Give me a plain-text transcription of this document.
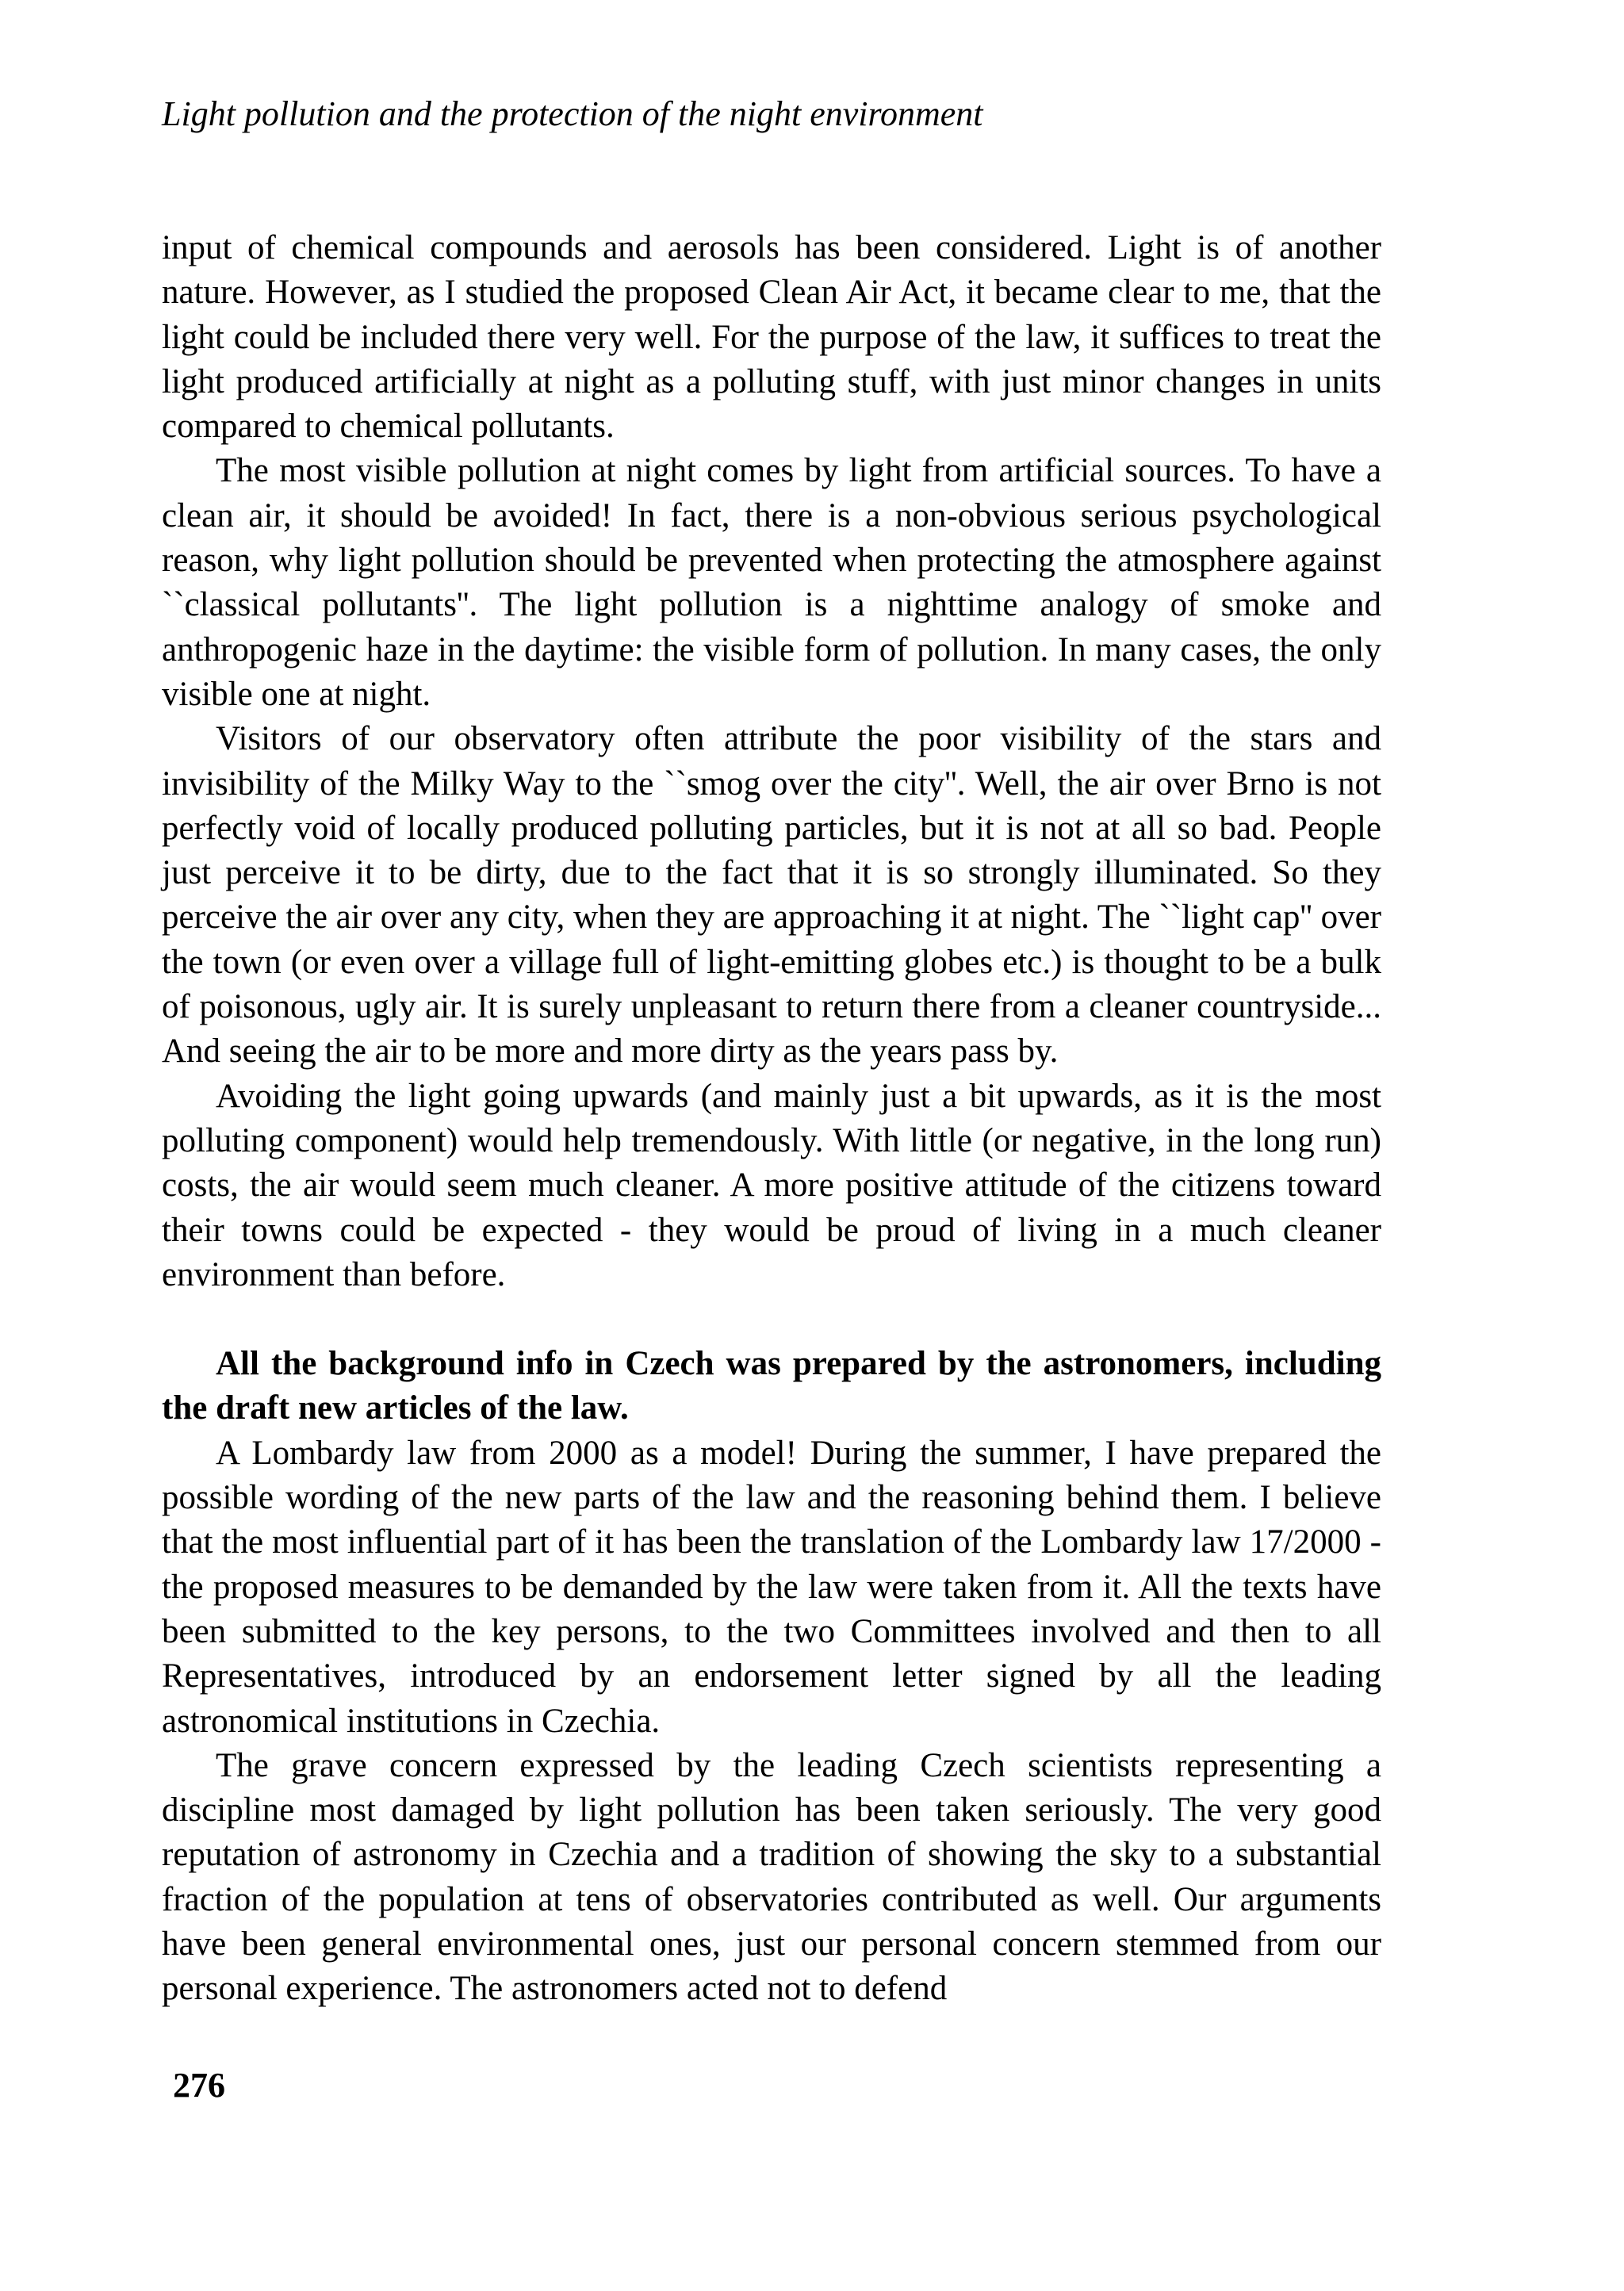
Light pollution and the protection of the night environment

input of chemical compounds and aerosols has been considered. Light is of another nature. However, as I studied the proposed Clean Air Act, it became clear to me, that the light could be included there very well. For the purpose of the law, it suffices to treat the light produced artificially at night as a polluting stuff, with just minor changes in units compared to chemical pollutants.

The most visible pollution at night comes by light from artificial sources. To have a clean air, it should be avoided! In fact, there is a non-obvious serious psychological reason, why light pollution should be prevented when protecting the atmosphere against ``classical pollutants''. The light pollution is a nighttime analogy of smoke and anthropogenic haze in the daytime: the visible form of pollution. In many cases, the only visible one at night.

Visitors of our observatory often attribute the poor visibility of the stars and invisibility of the Milky Way to the ``smog over the city''. Well, the air over Brno is not perfectly void of locally produced polluting particles, but it is not at all so bad. People just perceive it to be dirty, due to the fact that it is so strongly illuminated. So they perceive the air over any city, when they are approaching it at night. The ``light cap'' over the town (or even over a village full of light-emitting globes etc.) is thought to be a bulk of poisonous, ugly air. It is surely unpleasant to return there from a cleaner countryside... And seeing the air to be more and more dirty as the years pass by.

Avoiding the light going upwards (and mainly just a bit upwards, as it is the most polluting component) would help tremendously. With little (or negative, in the long run) costs, the air would seem much cleaner. A more positive attitude of the citizens toward their towns could be expected - they would be proud of living in a much cleaner environment than before.

All the background info in Czech was prepared by the astronomers, including the draft new articles of the law.

A Lombardy law from 2000 as a model! During the summer, I have prepared the possible wording of the new parts of the law and the reasoning behind them. I believe that the most influential part of it has been the translation of the Lombardy law 17/2000 - the proposed measures to be demanded by the law were taken from it. All the texts have been submitted to the key persons, to the two Committees involved and then to all Representatives, introduced by an endorsement letter signed by all the leading astronomical institutions in Czechia.

The grave concern expressed by the leading Czech scientists representing a discipline most damaged by light pollution has been taken seriously. The very good reputation of astronomy in Czechia and a tradition of showing the sky to a substantial fraction of the population at tens of observatories contributed as well. Our arguments have been general environmental ones, just our personal concern stemmed from our personal experience. The astronomers acted not to defend

276
